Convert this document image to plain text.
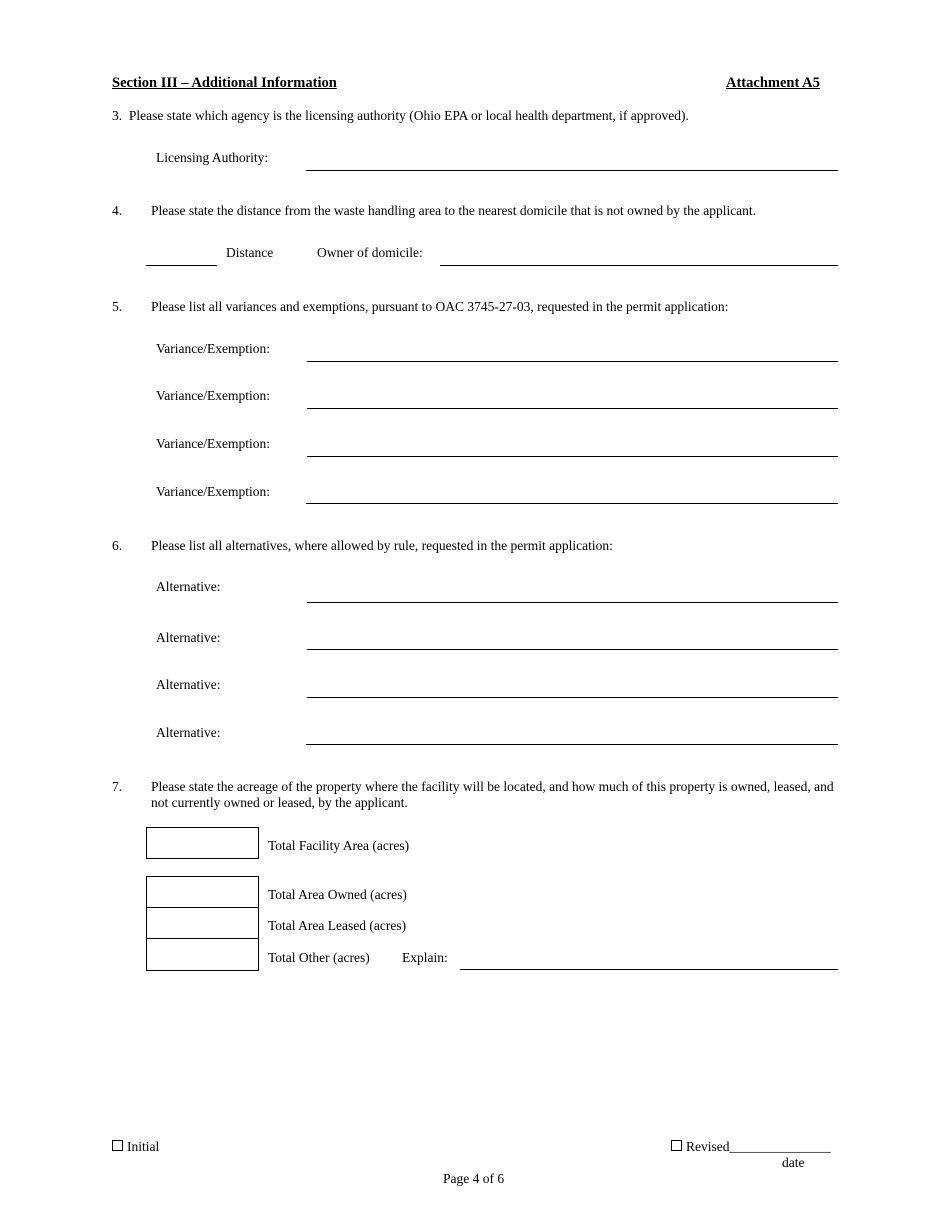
Section III – Additional Information	Attachment A5
3.  Please state which agency is the licensing authority (Ohio EPA or local health department, if approved).
Licensing Authority:
4. Please state the distance from the waste handling area to the nearest domicile that is not owned by the applicant.
Distance	Owner of domicile:
5. Please list all variances and exemptions, pursuant to OAC 3745-27-03, requested in the permit application:
Variance/Exemption:
Variance/Exemption:
Variance/Exemption:
Variance/Exemption:
6. Please list all alternatives, where allowed by rule, requested in the permit application:
Alternative:
Alternative:
Alternative:
Alternative:
7. Please state the acreage of the property where the facility will be located, and how much of this property is owned, leased, and not currently owned or leased, by the applicant.
Total Facility Area (acres)
Total Area Owned (acres)
Total Area Leased (acres)
Total Other (acres) Explain:
Initial	Revised_______________
date
Page 4 of 6
